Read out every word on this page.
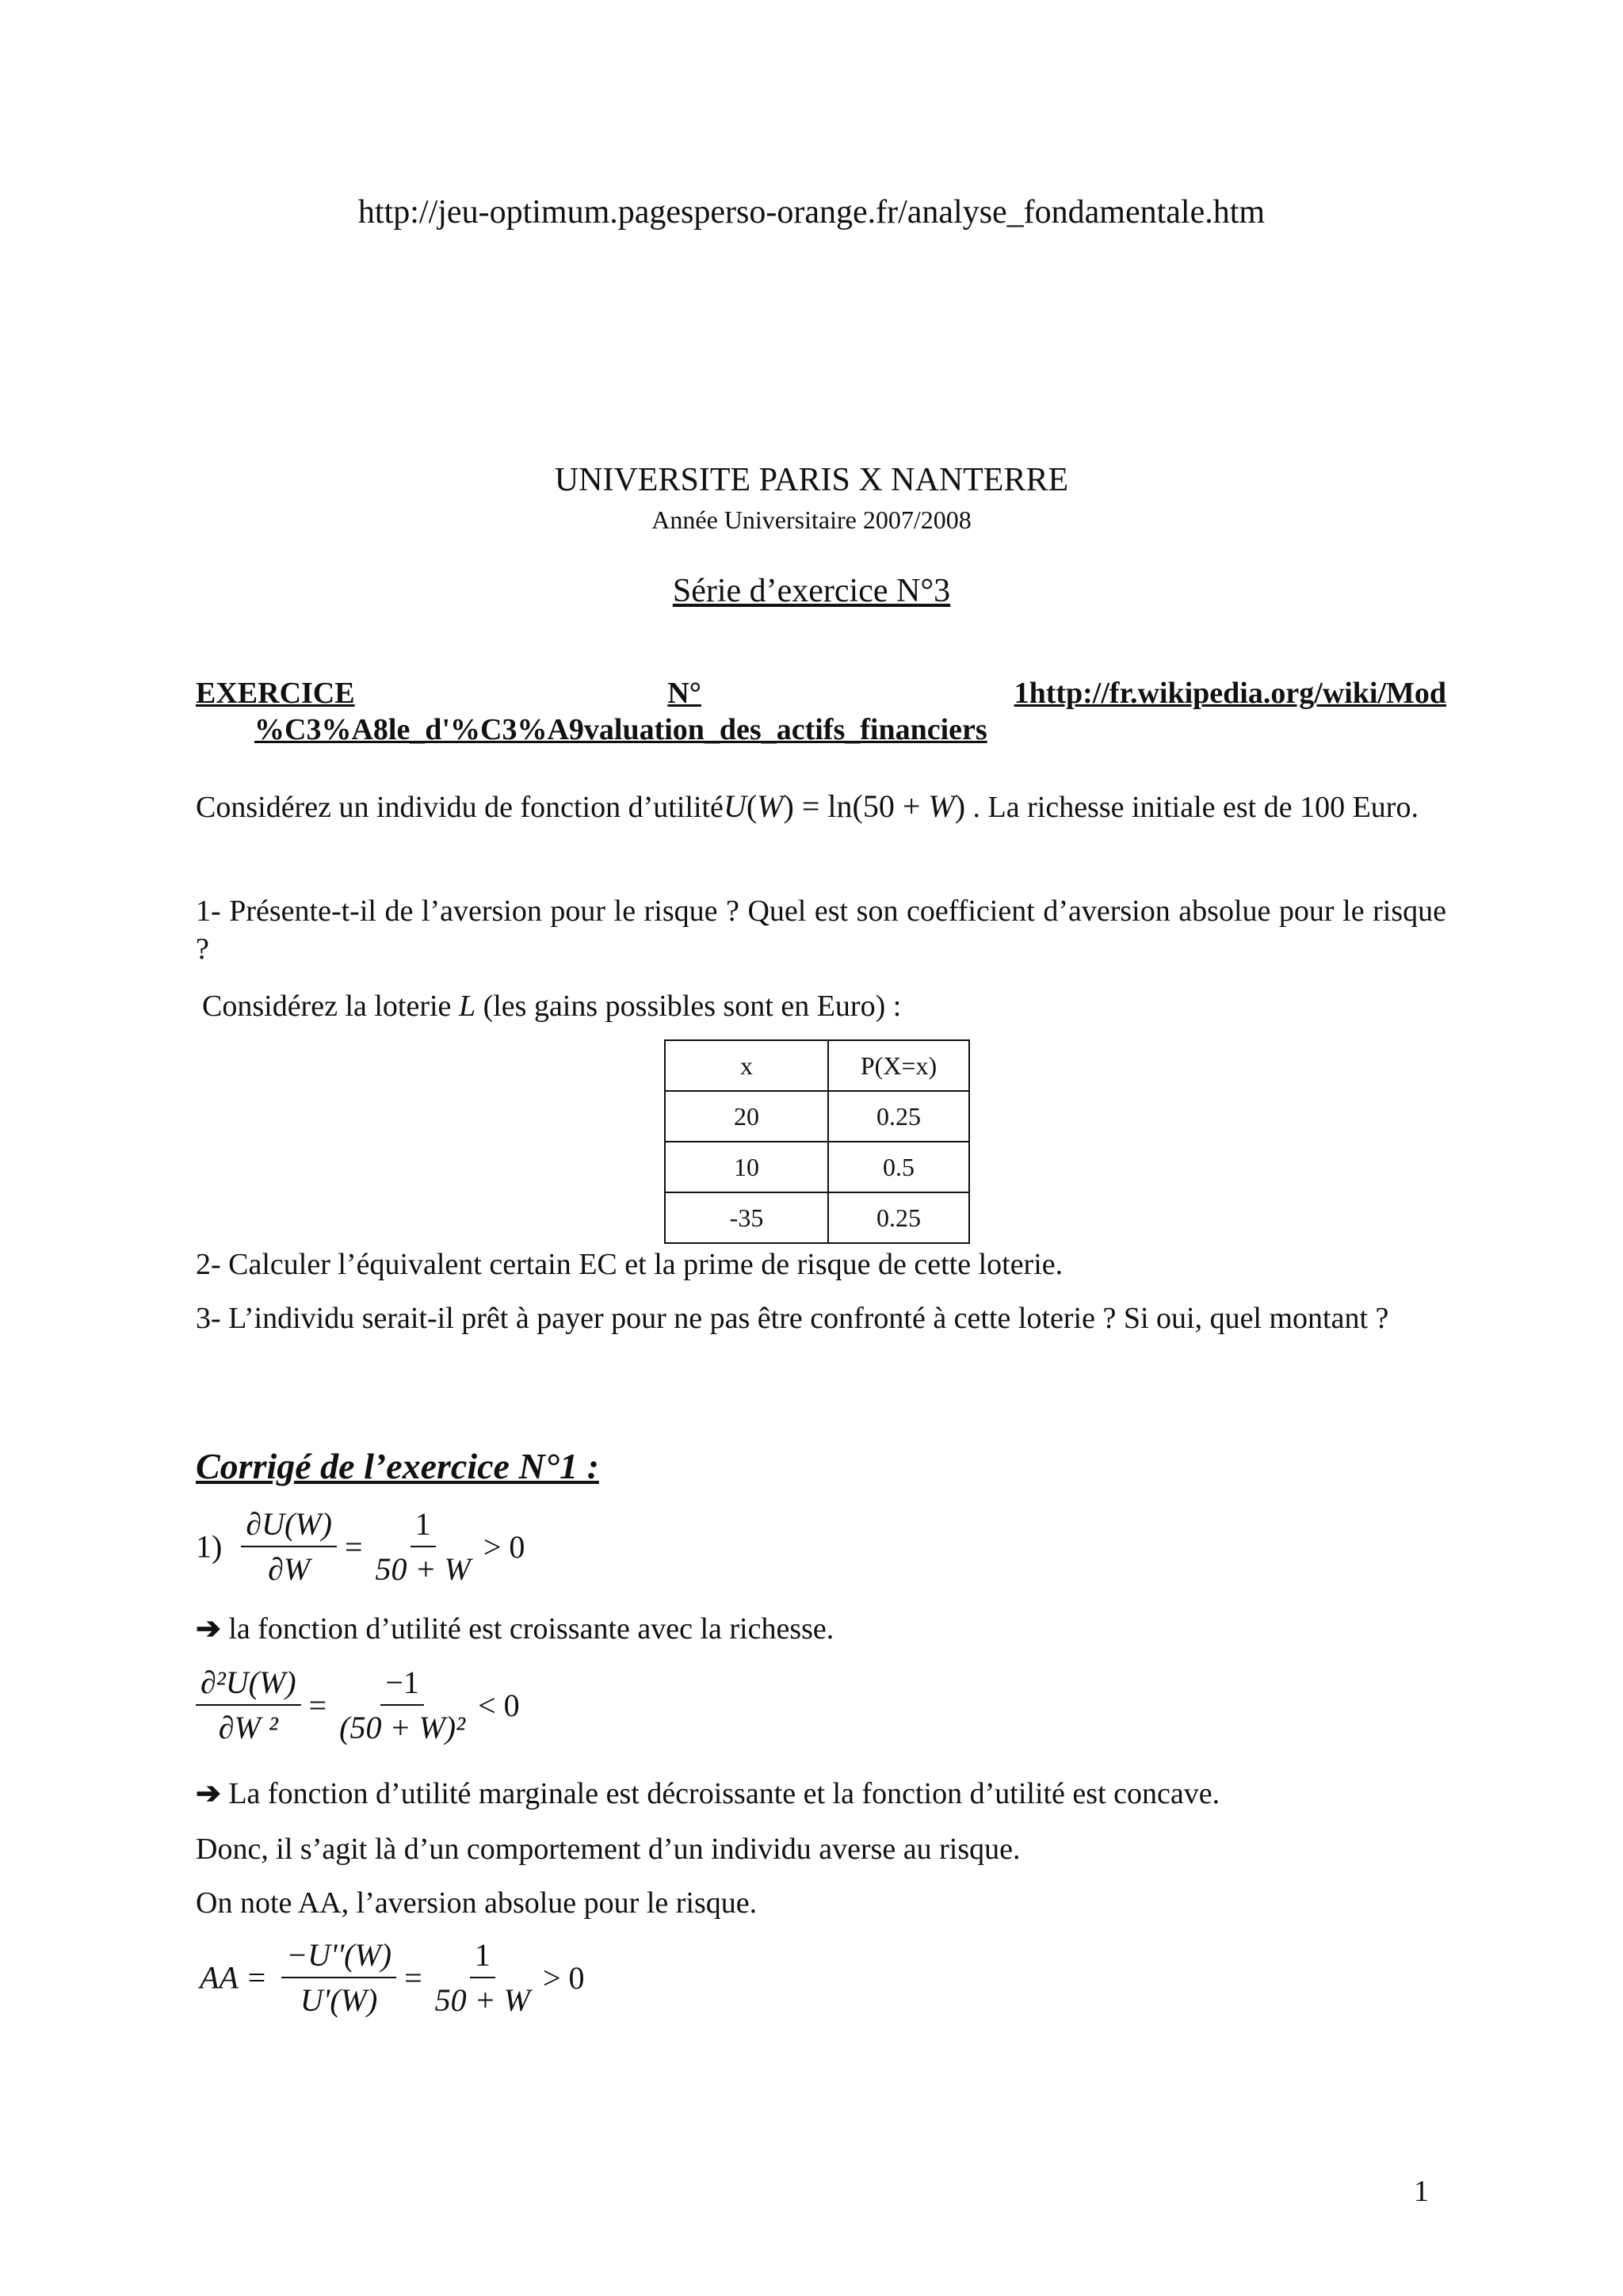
http://jeu-optimum.pagesperso-orange.fr/analyse_fondamentale.htm
UNIVERSITE PARIS X NANTERRE
Année Universitaire 2007/2008
Série d’exercice N°3
EXERCICE	N°	1http://fr.wikipedia.org/wiki/Mod
%C3%A8le_d'%C3%A9valuation_des_actifs_financiers
Considérez un individu de fonction d’utilitéU(W) = ln(50 + W) . La richesse initiale est de 100 Euro.
1- Présente-t-il de l’aversion pour le risque ? Quel est son coefficient d’aversion absolue pour le risque ?
Considérez la loterie L (les gains possibles sont en Euro) :
x	P(X=x)
20	0.25
10	0.5
-35	0.25
2- Calculer l’équivalent certain EC et la prime de risque de cette loterie.
3- L’individu serait-il prêt à payer pour ne pas être confronté à cette loterie ? Si oui, quel montant ?
Corrigé de l’exercice N°1 :
$1) \frac{\partial U(W)}{\partial W} = \frac{1}{50 + W} > 0$
➔ la fonction d’utilité est croissante avec la richesse.
$\frac{\text{∂²U(W)}}{\text{∂W ²}} = \frac{-1}{\text{(50 + W)²}} < 0$
➔ La fonction d’utilité marginale est décroissante et la fonction d’utilité est concave.
Donc, il s’agit là d’un comportement d’un individu averse au risque.
On note AA, l’aversion absolue pour le risque.
AA = $\frac{-U''(W)}{U'(W)} = \frac{1}{50 + W} > 0$
1
